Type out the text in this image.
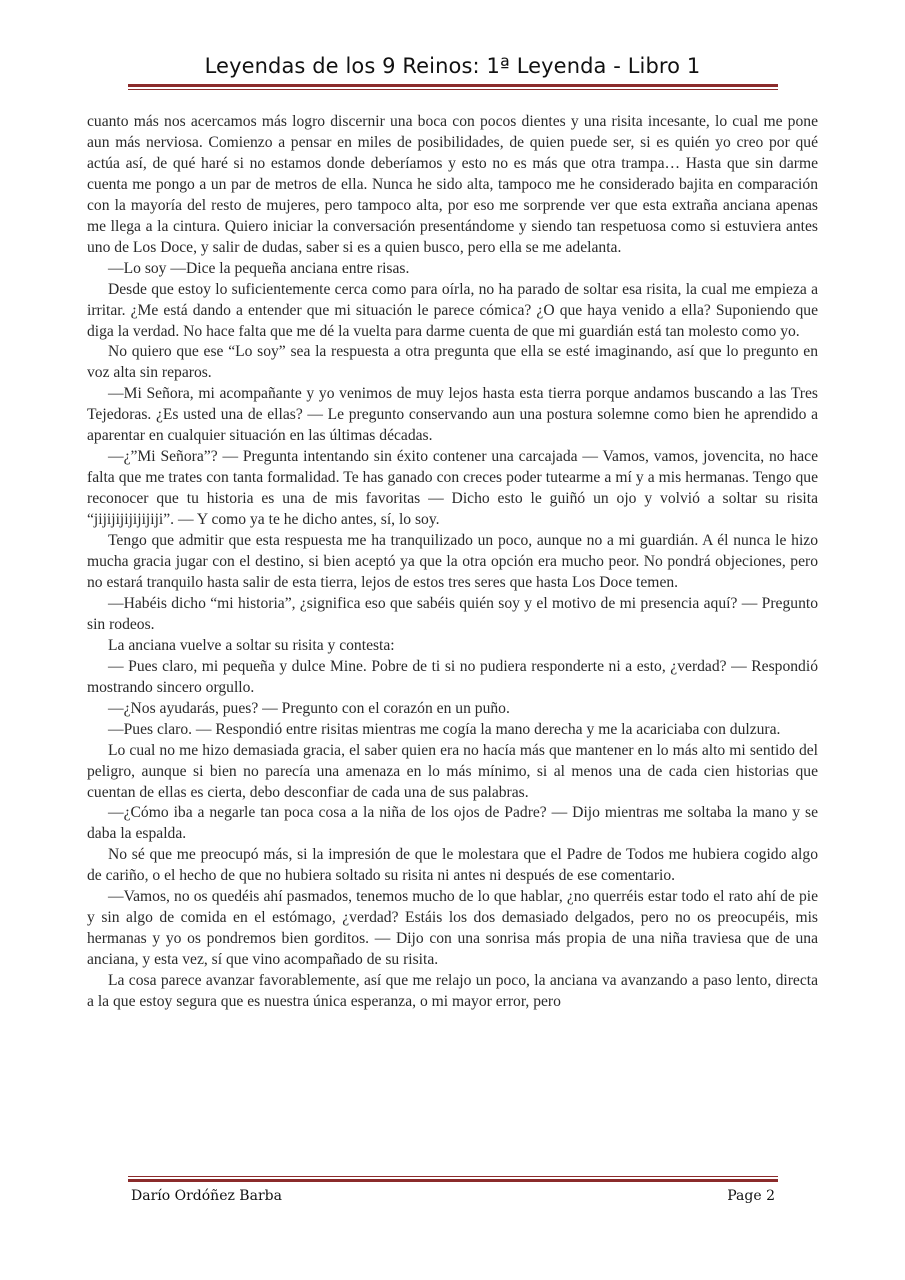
Leyendas de los 9 Reinos: 1ª Leyenda - Libro 1

cuanto más nos acercamos más logro discernir una boca con pocos dientes y una risita incesante, lo cual me pone aun más nerviosa. Comienzo a pensar en miles de posibilidades, de quien puede ser, si es quién yo creo por qué actúa así, de qué haré si no estamos donde deberíamos y esto no es más que otra trampa… Hasta que sin darme cuenta me pongo a un par de metros de ella. Nunca he sido alta, tampoco me he considerado bajita en comparación con la mayoría del resto de mujeres, pero tampoco alta, por eso me sorprende ver que esta extraña anciana apenas me llega a la cintura. Quiero iniciar la conversación presentándome y siendo tan respetuosa como si estuviera antes uno de Los Doce, y salir de dudas, saber si es a quien busco, pero ella se me adelanta.

—Lo soy —Dice la pequeña anciana entre risas.

Desde que estoy lo suficientemente cerca como para oírla, no ha parado de soltar esa risita, la cual me empieza a irritar. ¿Me está dando a entender que mi situación le parece cómica? ¿O que haya venido a ella? Suponiendo que diga la verdad. No hace falta que me dé la vuelta para darme cuenta de que mi guardián está tan molesto como yo.

No quiero que ese “Lo soy” sea la respuesta a otra pregunta que ella se esté imaginando, así que lo pregunto en voz alta sin reparos.

—Mi Señora, mi acompañante y yo venimos de muy lejos hasta esta tierra porque andamos buscando a las Tres Tejedoras. ¿Es usted una de ellas? — Le pregunto conservando aun una postura solemne como bien he aprendido a aparentar en cualquier situación en las últimas décadas.

—¿”Mi Señora”? — Pregunta intentando sin éxito contener una carcajada — Vamos, vamos, jovencita, no hace falta que me trates con tanta formalidad. Te has ganado con creces poder tutearme a mí y a mis hermanas. Tengo que reconocer que tu historia es una de mis favoritas — Dicho esto le guiñó un ojo y volvió a soltar su risita “jijijijijijijiji”. — Y como ya te he dicho antes, sí, lo soy.

Tengo que admitir que esta respuesta me ha tranquilizado un poco, aunque no a mi guardián. A él nunca le hizo mucha gracia jugar con el destino, si bien aceptó ya que la otra opción era mucho peor. No pondrá objeciones, pero no estará tranquilo hasta salir de esta tierra, lejos de estos tres seres que hasta Los Doce temen.

—Habéis dicho “mi historia”, ¿significa eso que sabéis quién soy y el motivo de mi presencia aquí? — Pregunto sin rodeos.

La anciana vuelve a soltar su risita y contesta:

— Pues claro, mi pequeña y dulce Mine. Pobre de ti si no pudiera responderte ni a esto, ¿verdad? — Respondió mostrando sincero orgullo.

—¿Nos ayudarás, pues? — Pregunto con el corazón en un puño.

—Pues claro. — Respondió entre risitas mientras me cogía la mano derecha y me la acariciaba con dulzura.

Lo cual no me hizo demasiada gracia, el saber quien era no hacía más que mantener en lo más alto mi sentido del peligro, aunque si bien no parecía una amenaza en lo más mínimo, si al menos una de cada cien historias que cuentan de ellas es cierta, debo desconfiar de cada una de sus palabras.

—¿Cómo iba a negarle tan poca cosa a la niña de los ojos de Padre? — Dijo mientras me soltaba la mano y se daba la espalda.

No sé que me preocupó más, si la impresión de que le molestara que el Padre de Todos me hubiera cogido algo de cariño, o el hecho de que no hubiera soltado su risita ni antes ni después de ese comentario.

—Vamos, no os quedéis ahí pasmados, tenemos mucho de lo que hablar, ¿no querréis estar todo el rato ahí de pie y sin algo de comida en el estómago, ¿verdad? Estáis los dos demasiado delgados, pero no os preocupéis, mis hermanas y yo os pondremos bien gorditos. — Dijo con una sonrisa más propia de una niña traviesa que de una anciana, y esta vez, sí que vino acompañado de su risita.

La cosa parece avanzar favorablemente, así que me relajo un poco, la anciana va avanzando a paso lento, directa a la que estoy segura que es nuestra única esperanza, o mi mayor error, pero

Darío Ordóñez Barba	Page 2
